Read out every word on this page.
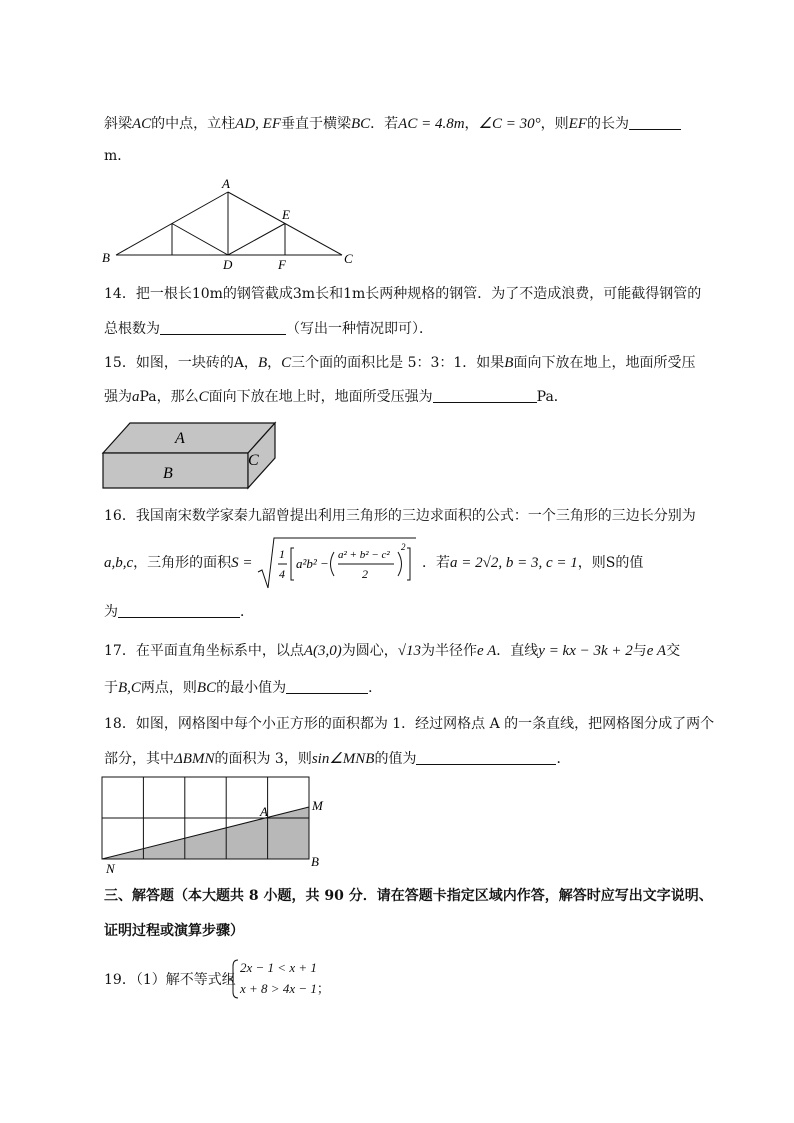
斜梁AC的中点，立柱AD, EF垂直于横梁BC．若AC = 4.8m，∠C = 30°，则EF的长为
m．
A
B	C
D
E
F
14．把一根长10m的钢管截成3m长和1m长两种规格的钢管．为了不造成浪费，可能截得钢管的
总根数为	（写出一种情况即可）．
15．如图，一块砖的A，B，C三个面的面积比是 5：3：1．如果B面向下放在地上，地面所受压
强为aPa，那么C面向下放在地上时，地面所受压强为	Pa．
A
B
C
16．我国南宋数学家秦九韶曾提出利用三角形的三边求面积的公式：一个三角形的三边长分别为
a,b,c，三角形的面积S =
1
4
a²b² −
a² + b² − c²
2
2
．若a = 2√2, b = 3, c = 1，则S的值
为	．
17．在平面直角坐标系中，以点A(3,0)为圆心，√13为半径作e A．直线y = kx − 3k + 2与e A交
于B,C两点，则BC的最小值为	．
18．如图，网格图中每个小正方形的面积都为 1．经过网格点 A 的一条直线，把网格图分成了两个
部分，其中ΔBMN的面积为 3，则sin∠MNB的值为	．
A	M
N	B
三、解答题（本大题共 8 小题，共 90 分．请在答题卡指定区域内作答，解答时应写出文字说明、
证明过程或演算步骤）
19．（1）解不等式组
2x − 1 < x + 1
x + 8 > 4x − 1；
